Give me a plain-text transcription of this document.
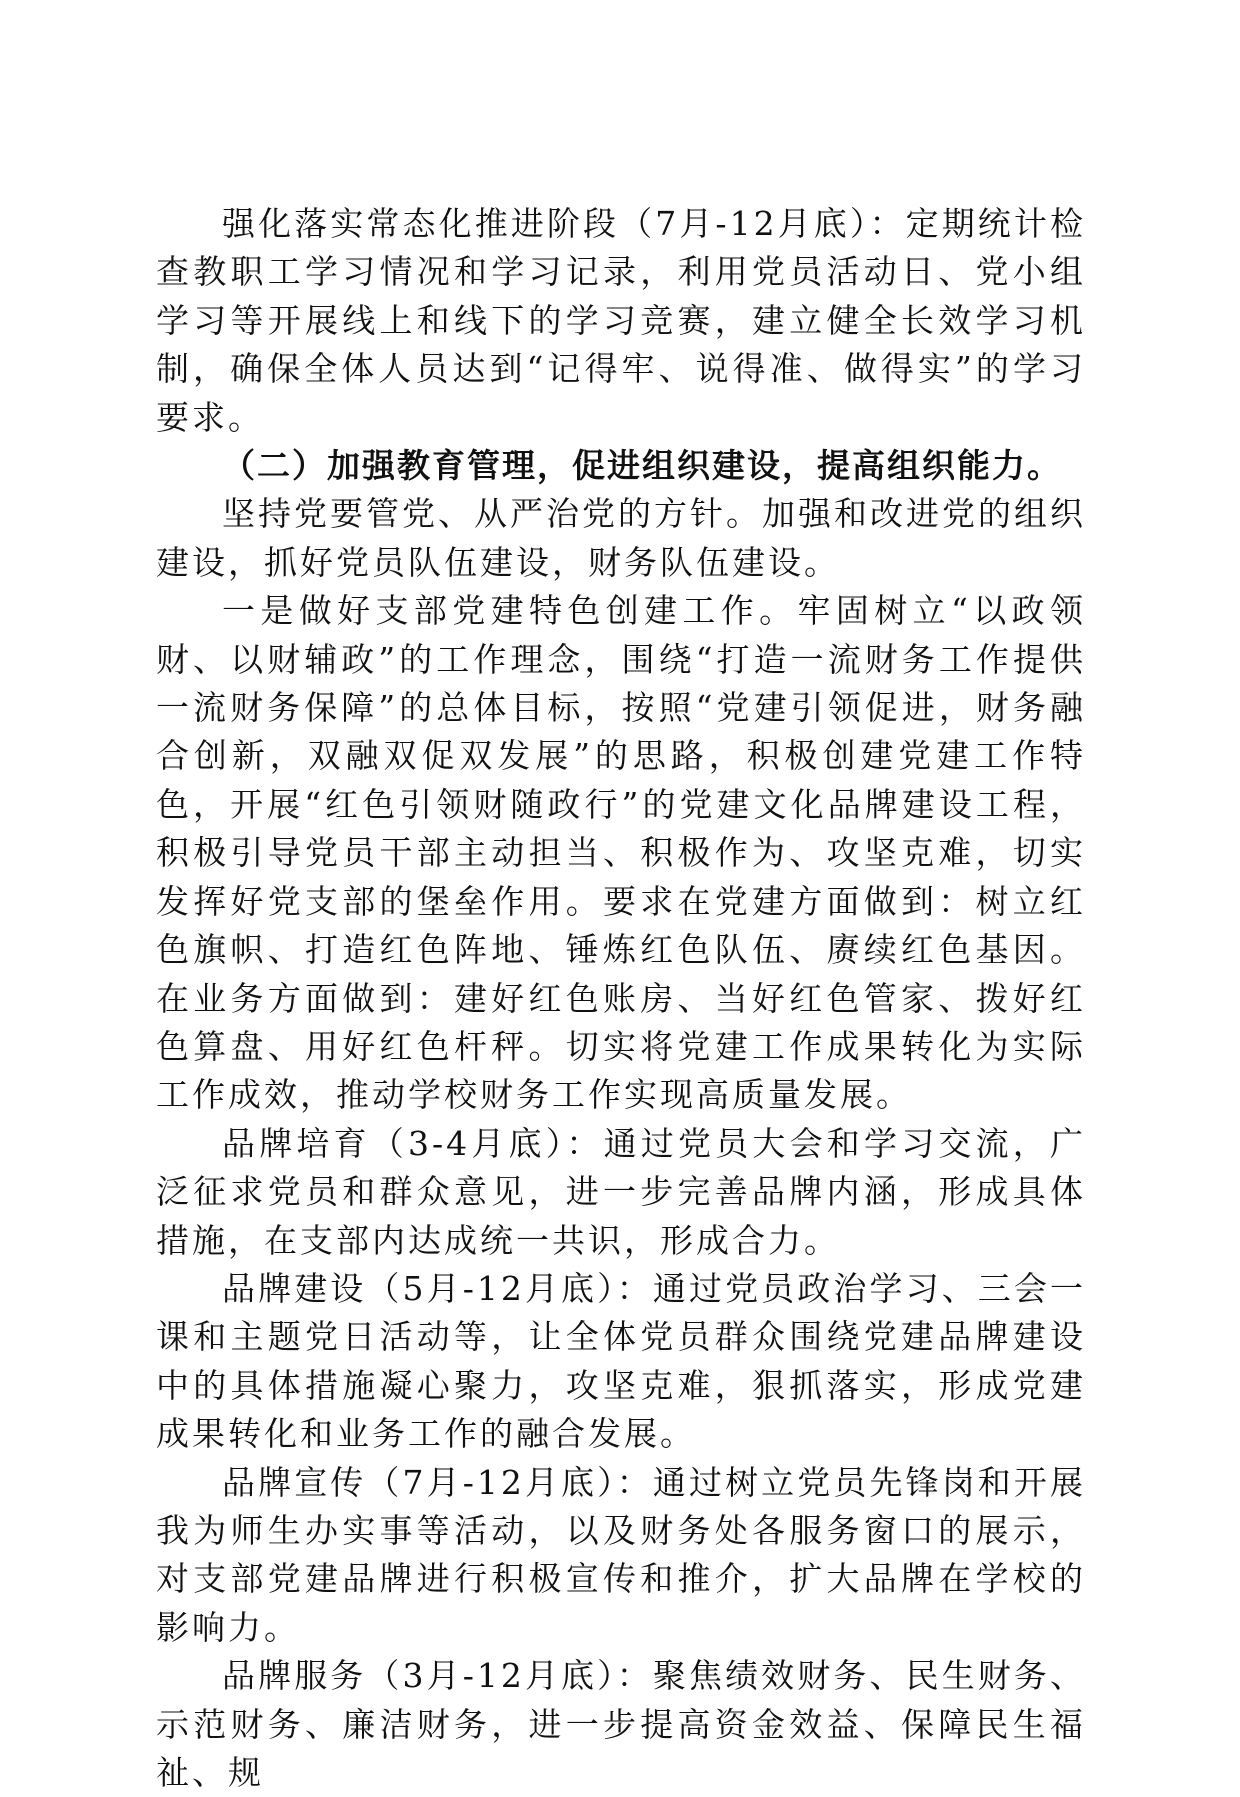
强化落实常态化推进阶段（7月-12月底）：定期统计检查教职工学习情况和学习记录，利用党员活动日、党小组学习等开展线上和线下的学习竞赛，建立健全长效学习机制，确保全体人员达到“记得牢、说得准、做得实”的学习要求。

（二）加强教育管理，促进组织建设，提高组织能力。

坚持党要管党、从严治党的方针。加强和改进党的组织建设，抓好党员队伍建设，财务队伍建设。

一是做好支部党建特色创建工作。牢固树立“以政领财、以财辅政”的工作理念，围绕“打造一流财务工作提供一流财务保障”的总体目标，按照“党建引领促进，财务融合创新，双融双促双发展”的思路，积极创建党建工作特色，开展“红色引领财随政行”的党建文化品牌建设工程，积极引导党员干部主动担当、积极作为、攻坚克难，切实发挥好党支部的堡垒作用。要求在党建方面做到：树立红色旗帜、打造红色阵地、锤炼红色队伍、赓续红色基因。在业务方面做到：建好红色账房、当好红色管家、拨好红色算盘、用好红色杆秤。切实将党建工作成果转化为实际工作成效，推动学校财务工作实现高质量发展。

品牌培育（3-4月底）：通过党员大会和学习交流，广泛征求党员和群众意见，进一步完善品牌内涵，形成具体措施，在支部内达成统一共识，形成合力。

品牌建设（5月-12月底）：通过党员政治学习、三会一课和主题党日活动等，让全体党员群众围绕党建品牌建设中的具体措施凝心聚力，攻坚克难，狠抓落实，形成党建成果转化和业务工作的融合发展。

品牌宣传（7月-12月底）：通过树立党员先锋岗和开展我为师生办实事等活动，以及财务处各服务窗口的展示，对支部党建品牌进行积极宣传和推介，扩大品牌在学校的影响力。

品牌服务（3月-12月底）：聚焦绩效财务、民生财务、示范财务、廉洁财务，进一步提高资金效益、保障民生福祉、规
